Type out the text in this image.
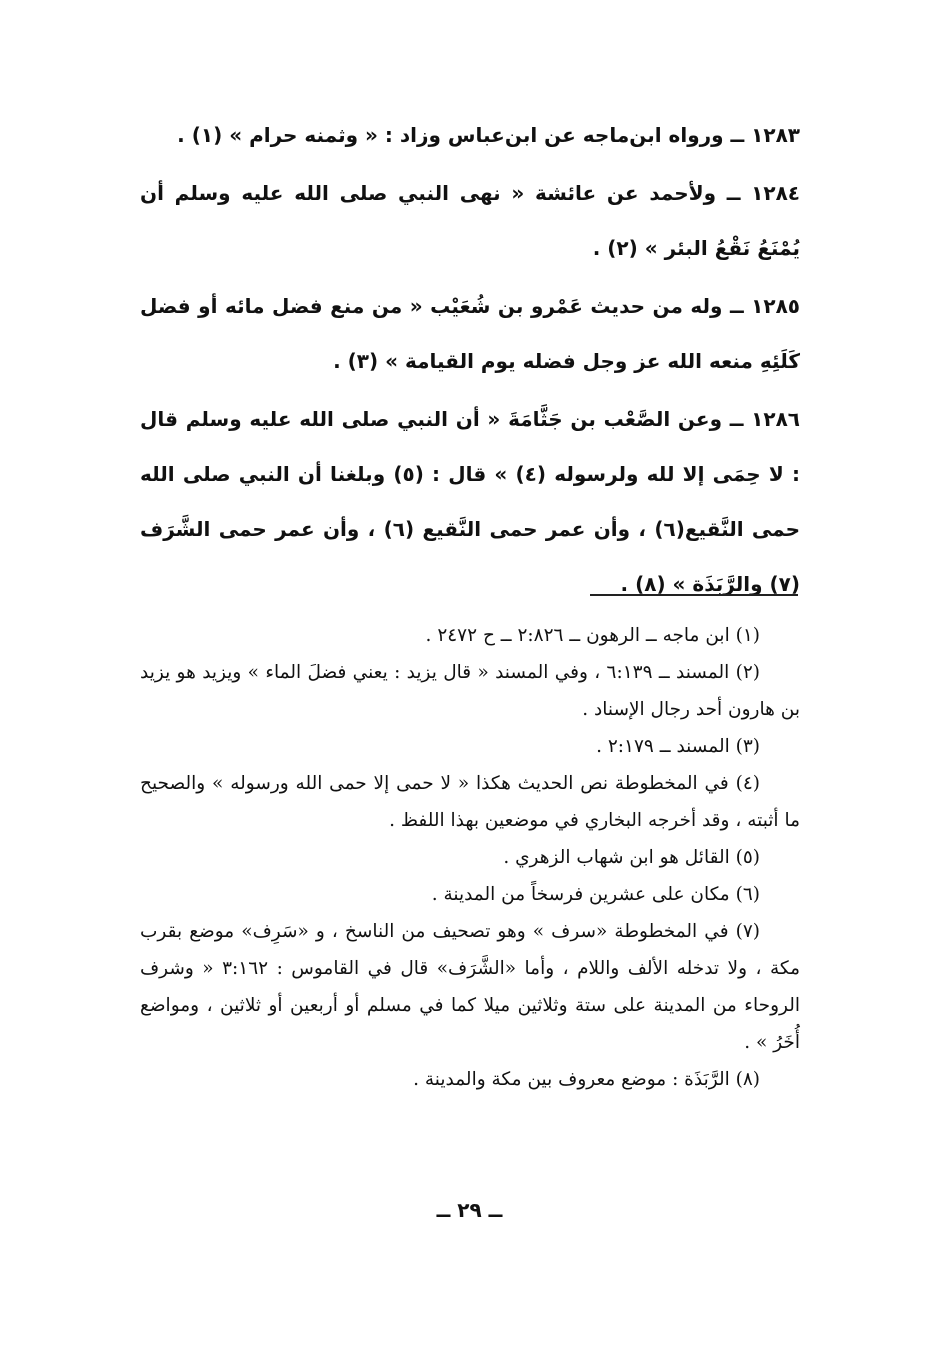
١٢٨٣ ــ ورواه ابن‌ماجه عن ابن‌عباس وزاد : « وثمنه حرام » (١) .

١٢٨٤ ــ ولأحمد عن عائشة « نهى النبي صلى الله عليه وسلم أن يُمْنَعُ نَقْعُ البئر » (٢) .

١٢٨٥ ــ وله من حديث عَمْرو بن شُعَيْب « من منع فضل مائه أو فضل كَلَئِهِ منعه الله عز وجل فضله يوم القيامة » (٣) .

١٢٨٦ ــ وعن الصَّعْب بن جَثَّامَةَ « أن النبي صلى الله عليه وسلم قال : لا حِمَى إلا لله ولرسوله (٤) » قال : (٥) وبلغنا أن النبي صلى الله حمى النَّقيع(٦) ، وأن عمر حمى النَّقيع (٦) ، وأن عمر حمى الشَّرَف (٧) والرَّبَذَة » (٨) .

(١) ابن ماجه ــ الرهون ــ ٢:٨٢٦ ــ ح ٢٤٧٢ .

(٢) المسند ــ ٦:١٣٩ ، وفي المسند « قال يزيد : يعني فضلَ الماء » ويزيد هو يزيد بن هارون أحد رجال الإسناد .

(٣) المسند ــ ٢:١٧٩ .

(٤) في المخطوطة نص الحديث هكذا « لا حمى إلا حمى الله ورسوله » والصحيح ما أثبته ، وقد أخرجه البخاري في موضعين بهذا اللفظ .

(٥) القائل هو ابن شهاب الزهري .

(٦) مكان على عشرين فرسخاً من المدينة .

(٧) في المخطوطة «سرف » وهو تصحيف من الناسخ ، و «سَرِف» موضع بقرب مكة ، ولا تدخله الألف واللام ، وأما «الشَّرَف» قال في القاموس : ٣:١٦٢ « وشرف الروحاء من المدينة على ستة وثلاثين ميلا كما في مسلم أو أربعين أو ثلاثين ، ومواضع أُخَرُ » .

(٨) الرَّبَذَة : موضع معروف بين مكة والمدينة .

ــ ٢٩ ــ
